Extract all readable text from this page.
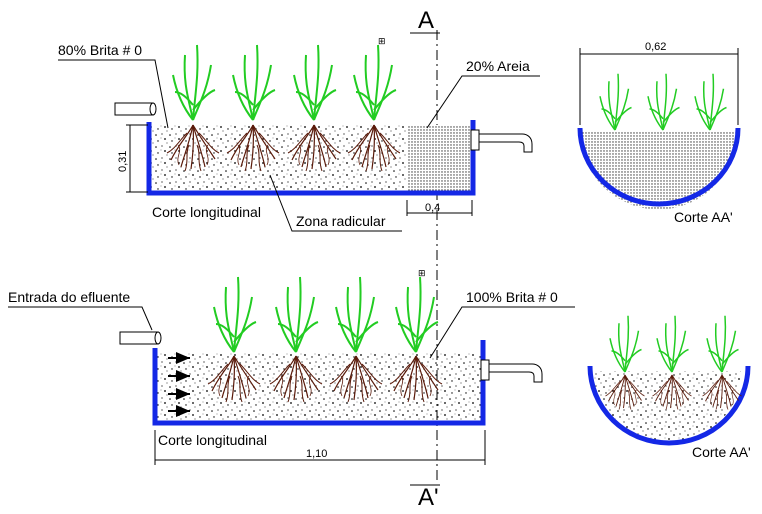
A
A'
⊞
80% Brita # 0
20% Areia
Corte longitudinal
Zona radicular
0,31
0,4
0,62
Corte AA'
⊞
Entrada do efluente	100% Brita # 0
Corte longitudinal
1,10	Corte AA'
